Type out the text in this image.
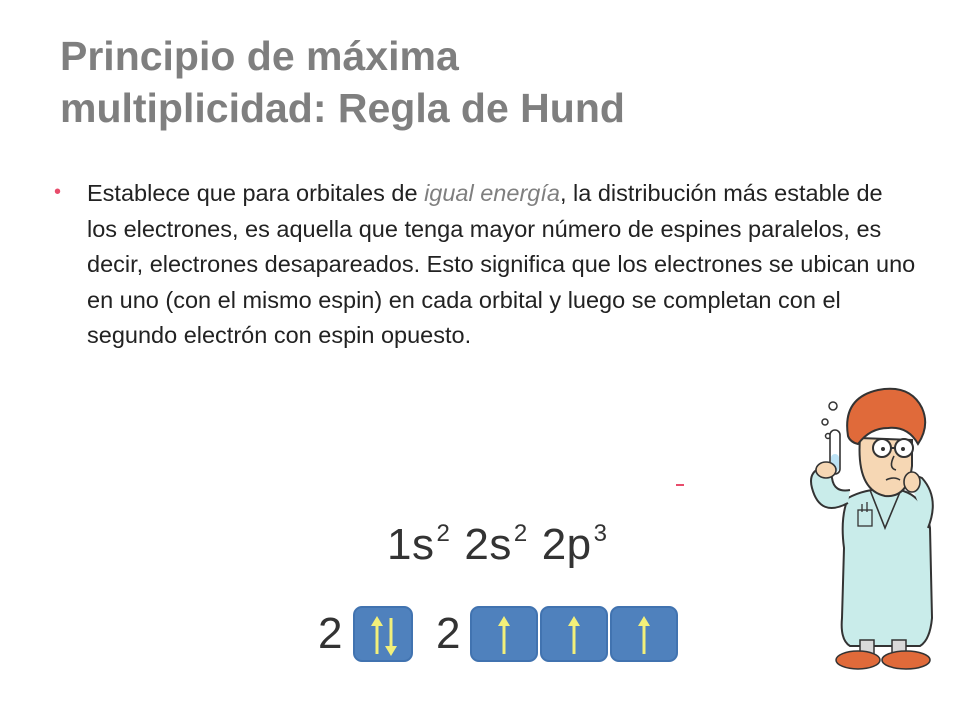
Principio de máxima
multiplicidad: Regla de Hund
• Establece que para orbitales de igual energía, la distribución más estable de los electrones, es aquella que tenga mayor número de espines paralelos, es decir, electrones desapareados. Esto significa que los electrones se ubican uno en uno (con el mismo espin) en cada orbital y luego se completan con el segundo electrón con espin opuesto.

$1s^2$ $2s^2$ $2p^3$
2 2
